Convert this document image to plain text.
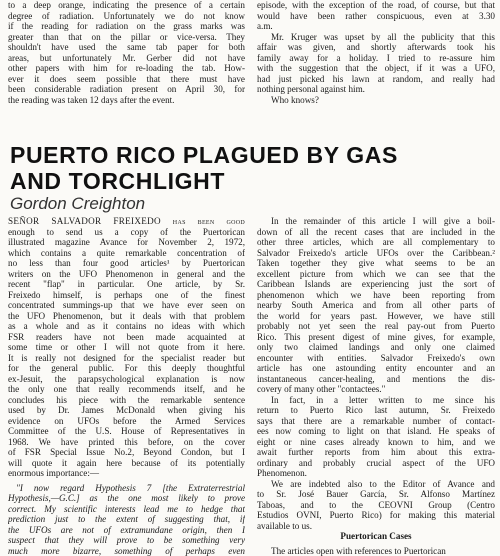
to a deep orange, indicating the presence of a certain
degree of radiation. Unfortunately we do not know
if the reading for radiation on the grass marks was
greater than that on the pillar or vice-versa. They
shouldn't have used the same tab paper for both
areas, but unfortunately Mr. Gerber did not have
other papers with him for re-loading the tab. How-
ever it does seem possible that there must have
been considerable radiation present on April 30, for
the reading was taken 12 days after the event.

episode, with the exception of the road, of course, but that
would have been rather conspicuous, even at 3.30
a.m.
Mr. Kruger was upset by all the publicity that this
affair was given, and shortly afterwards took his
family away for a holiday. I tried to re-assure him
with the suggestion that the object, if it was a UFO,
had just picked his lawn at random, and really had
nothing personal against him.
Who knows?

PUERTO RICO PLAGUED BY GAS
AND TORCHLIGHT
Gordon Creighton

SEÑOR SALVADOR FREIXEDO has been good
enough to send us a copy of the Puertorican
illustrated magazine Avance for November 2, 1972,
which contains a quite remarkable concentration of
no less than four good articles¹ by Puertorican
writers on the UFO Phenomenon in general and the
recent "flap" in particular. One article, by Sr.
Freixedo himself, is perhaps one of the finest
concentrated summings-up that we have ever seen on
the UFO Phenomenon, but it deals with that problem
as a whole and as it contains no ideas with which
FSR readers have not been made acquainted at
some time or other I will not quote from it here.
It is really not designed for the specialist reader but
for the general public. For this deeply thoughtful
ex-Jesuit, the parapsychological explanation is now
the only one that really recommends itself, and he
concludes his piece with the remarkable sentence
used by Dr. James McDonald when giving his
evidence on UFOs before the Armed Services
Committee of the U.S. House of Representatives in
1968. We have printed this before, on the cover
of FSR Special Issue No.2, Beyond Condon, but I
will quote it again here because of its potentially
enormous importance:—

"I now regard Hypothesis 7 [the Extraterrestrial
Hypothesis,—G.C.] as the one most likely to prove
correct. My scientific interests lead me to hedge that
prediction just to the extent of suggesting that, if
the UFOs are not of extramundane origin, then I
suspect that they will prove to be something very
much more bizarre, something of perhaps even

In the remainder of this article I will give a boil-
down of all the recent cases that are included in the
other three articles, which are all complementary to
Salvador Freixedo's article UFOs over the Caribbean.²
Taken together they give what seems to be an
excellent picture from which we can see that the
Caribbean Islands are experiencing just the sort of
phenomenon which we have been reporting from
nearby South America and from all other parts of
the world for years past. However, we have still
probably not yet seen the real pay-out from Puerto
Rico. This present digest of mine gives, for example,
only two claimed landings and only one claimed
encounter with entities. Salvador Freixedo's own
article has one astounding entity encounter and an
instantaneous cancer-healing, and mentions the dis-
covery of many other "contactees."
In fact, in a letter written to me since his
return to Puerto Rico last autumn, Sr. Freixedo
says that there are a remarkable number of contact-
ees now coming to light on that island. He speaks of
eight or nine cases already known to him, and we
await further reports from him about this extra-
ordinary and probably crucial aspect of the UFO
Phenomenon.
We are indebted also to the Editor of Avance and
to Sr. José Bauer García, Sr. Alfonso Martínez
Taboas, and to the CEOVNI Group (Centro
Estudios OVNI, Puerto Rico) for making this material
available to us.

Puertorican Cases

The articles open with references to Puertorican
